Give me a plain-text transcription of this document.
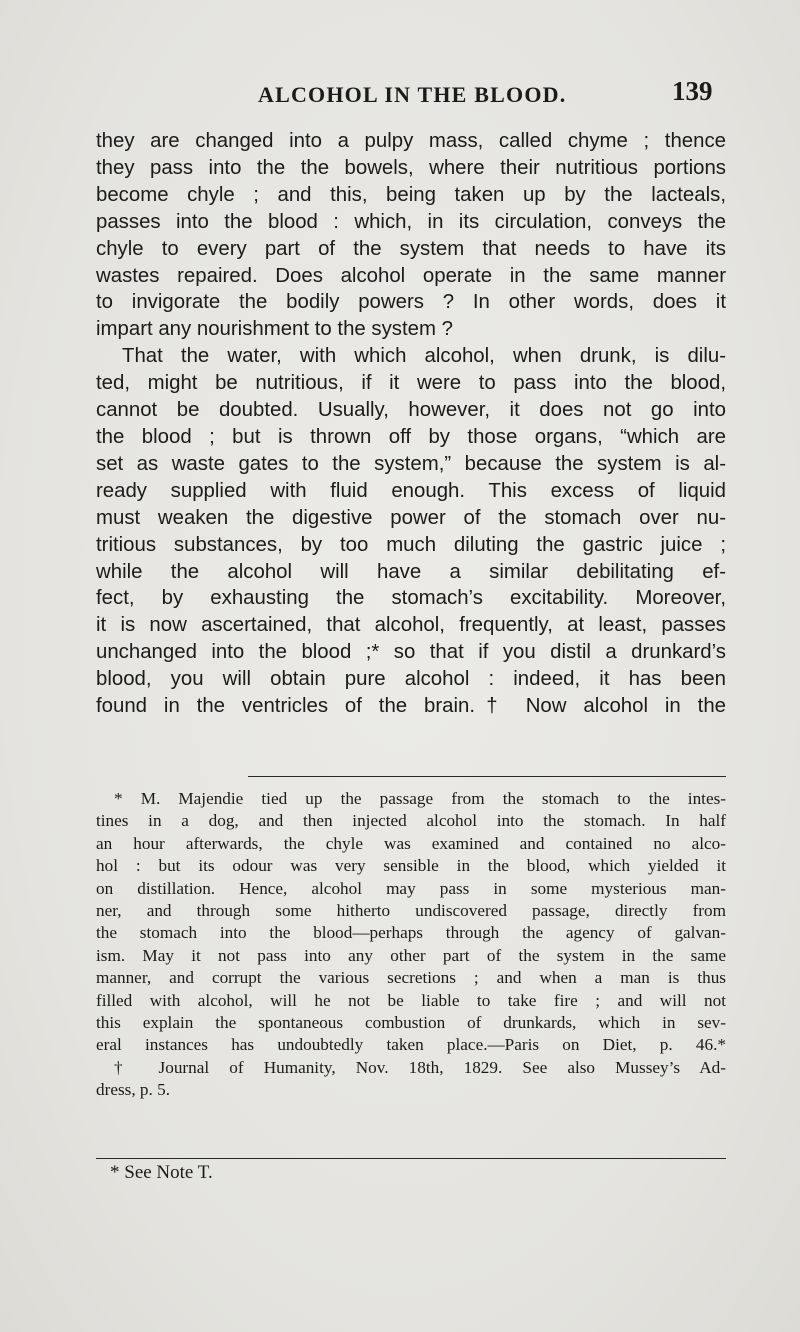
ALCOHOL IN THE BLOOD.	139
they are changed into a pulpy mass, called chyme ; thence
they pass into the the bowels, where their nutritious portions
become chyle ; and this, being taken up by the lacteals,
passes into the blood : which, in its circulation, conveys the
chyle to every part of the system that needs to have its
wastes repaired. Does alcohol operate in the same manner
to invigorate the bodily powers ? In other words, does it
impart any nourishment to the system ?
That the water, with which alcohol, when drunk, is dilu-
ted, might be nutritious, if it were to pass into the blood,
cannot be doubted. Usually, however, it does not go into
the blood ; but is thrown off by those organs, “which are
set as waste gates to the system,” because the system is al-
ready supplied with fluid enough. This excess of liquid
must weaken the digestive power of the stomach over nu-
tritious substances, by too much diluting the gastric juice ;
while the alcohol will have a similar debilitating ef-
fect, by exhausting the stomach’s excitability. Moreover,
it is now ascertained, that alcohol, frequently, at least, passes
unchanged into the blood ;* so that if you distil a drunkard’s
blood, you will obtain pure alcohol : indeed, it has been
found in the ventricles of the brain.† Now alcohol in the
* M. Majendie tied up the passage from the stomach to the intes-
tines in a dog, and then injected alcohol into the stomach. In half
an hour afterwards, the chyle was examined and contained no alco-
hol : but its odour was very sensible in the blood, which yielded it
on distillation. Hence, alcohol may pass in some mysterious man-
ner, and through some hitherto undiscovered passage, directly from
the stomach into the blood—perhaps through the agency of galvan-
ism. May it not pass into any other part of the system in the same
manner, and corrupt the various secretions ; and when a man is thus
filled with alcohol, will he not be liable to take fire ; and will not
this explain the spontaneous combustion of drunkards, which in sev-
eral instances has undoubtedly taken place.—Paris on Diet, p. 46.*
† Journal of Humanity, Nov. 18th, 1829. See also Mussey’s Ad-
dress, p. 5.
* See Note T.
